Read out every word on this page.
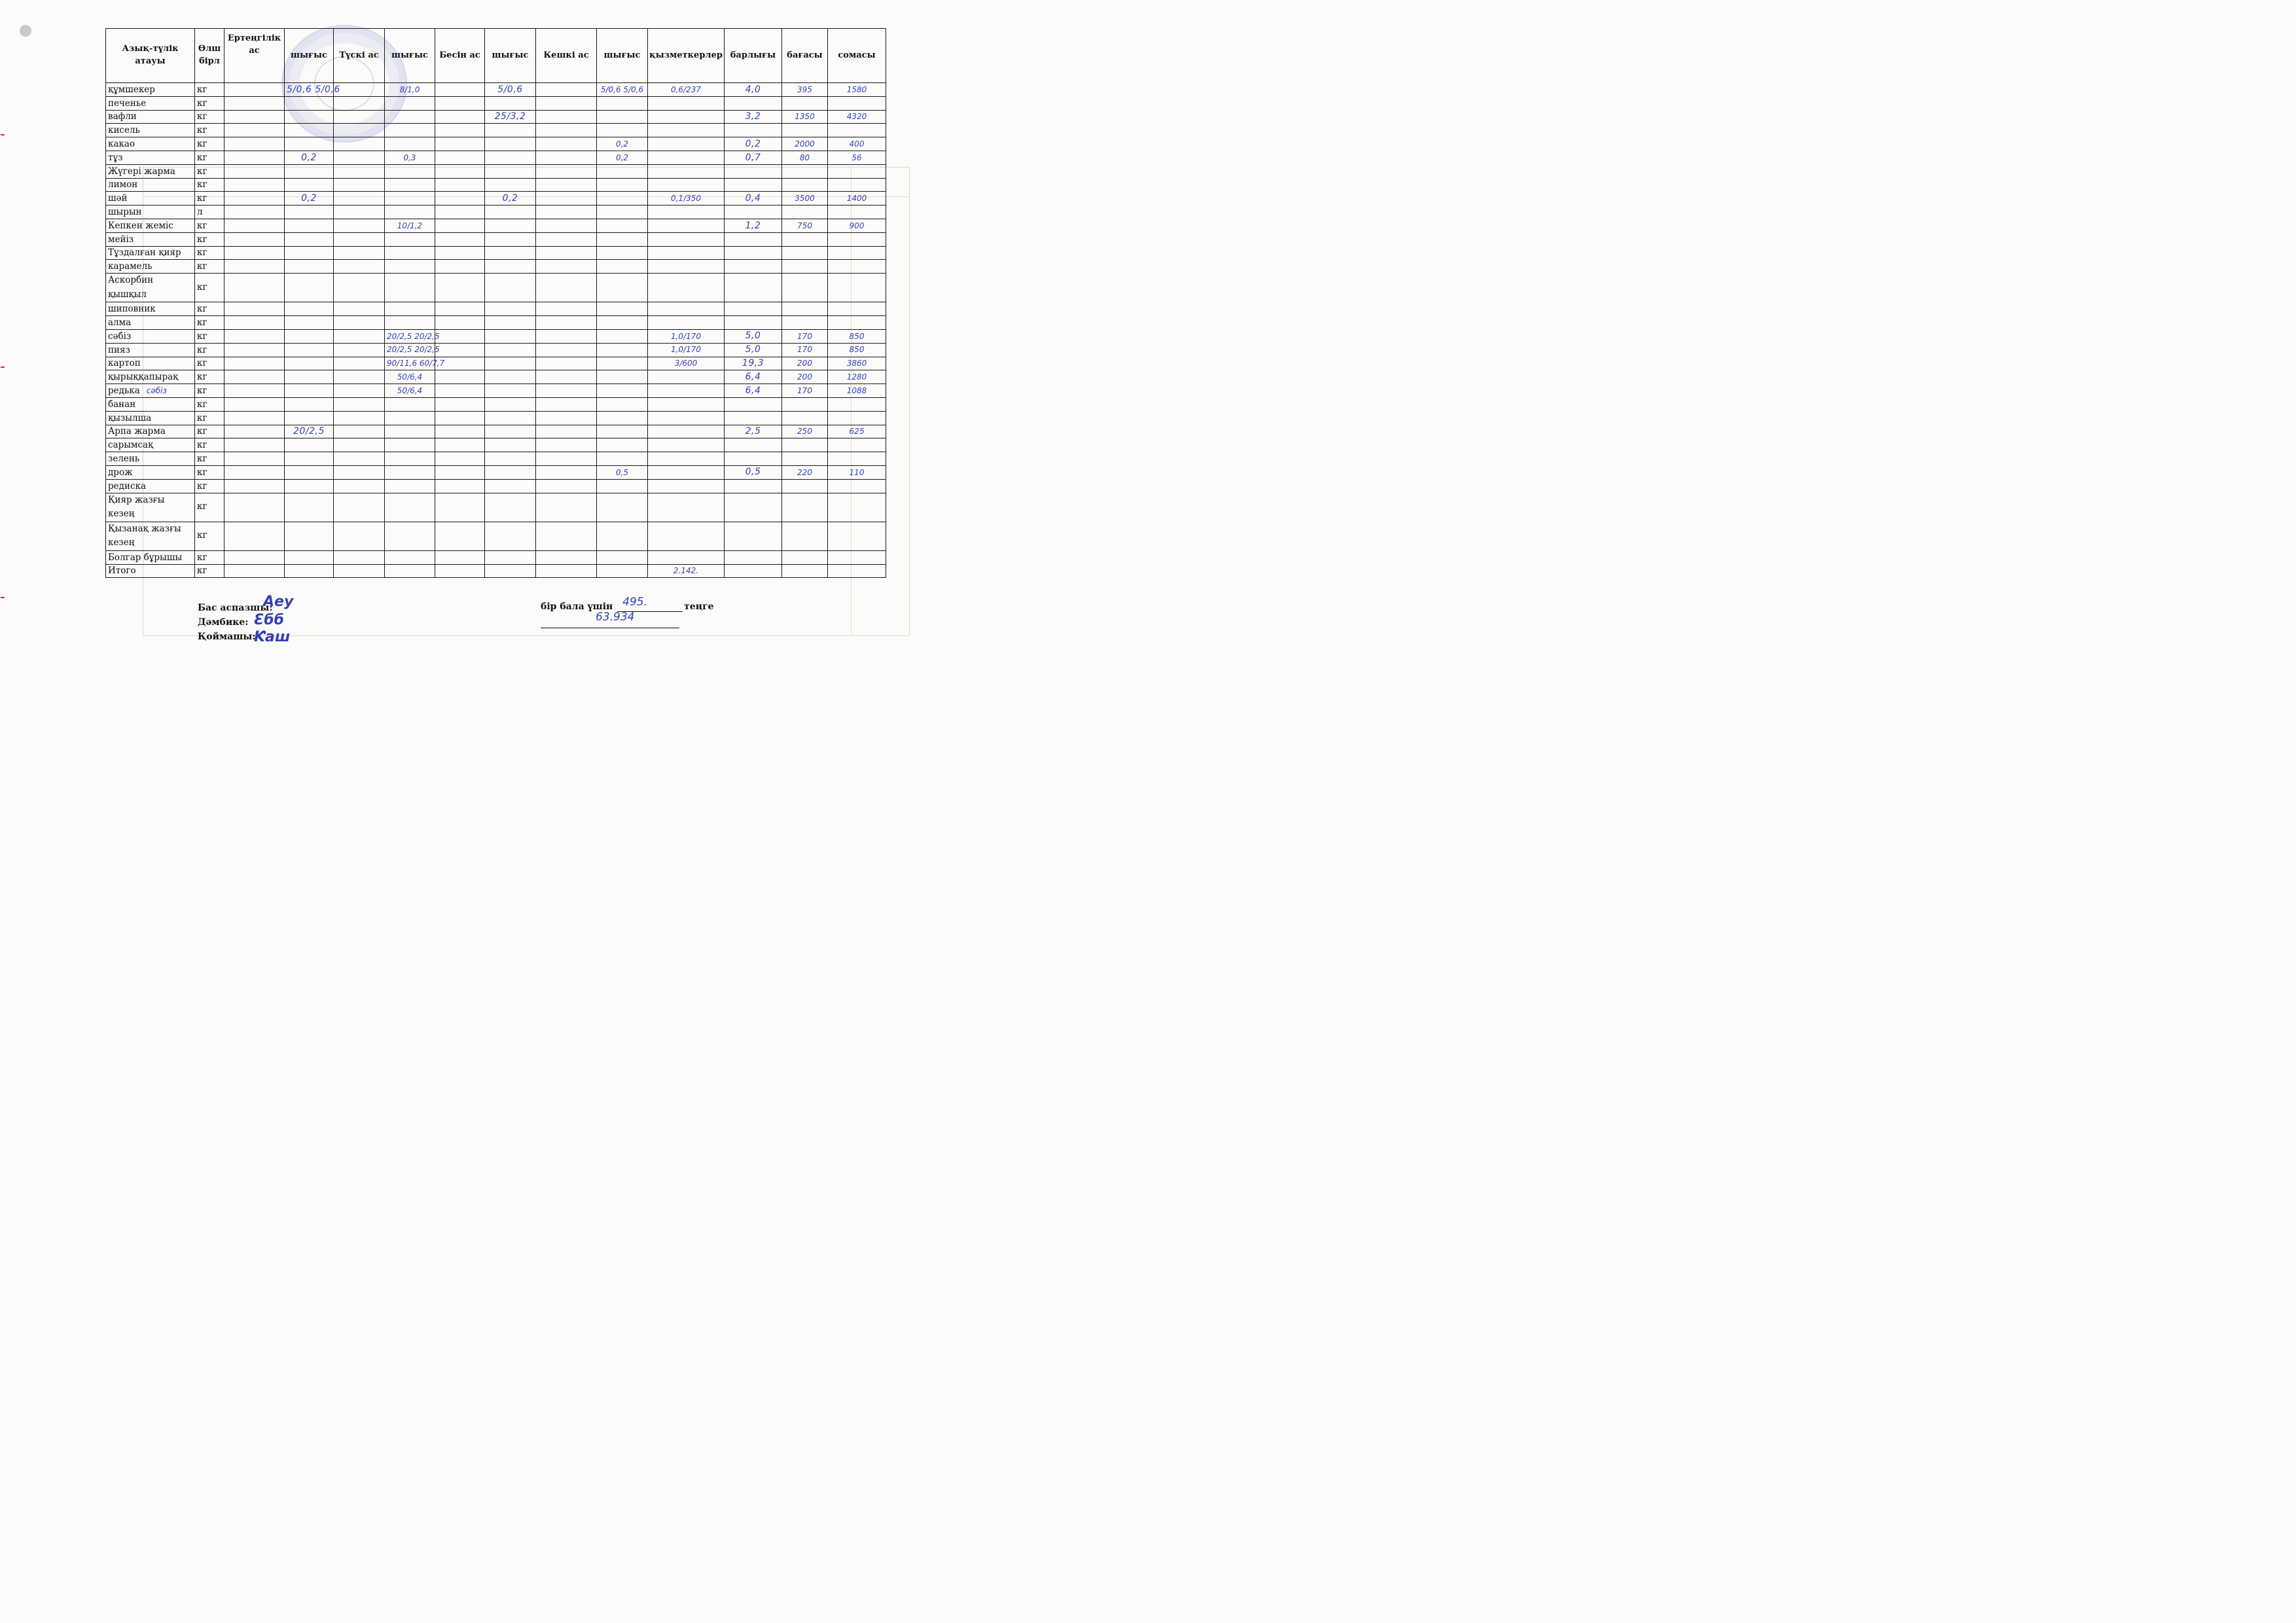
Азық-түлік атауы	Өлш бірл	Ертеңгілік ас	шығыс	Түскі ас	шығыс	Бесін ас	шығыс	Кешкі ас	шығыс	қызметкерлер	барлығы	бағасы	сомасы
құмшекер	кг		5/0,6 5/0,6		8/1,0		5/0,6		5/0,6 5/0,6	0,6/237	4,0	395	1580
печенье	кг												
вафли	кг						25/3,2				3,2	1350	4320
кисель	кг												
какао	кг								0,2		0,2	2000	400
тұз	кг		0,2		0,3				0,2		0,7	80	56
Жүгері жарма	кг												
лимон	кг												
шәй	кг		0,2				0,2			0,1/350	0,4	3500	1400
шырын	л												
Кепкен жеміс	кг				10/1,2						1,2	750	900
мейіз	кг												
Тұздалған қияр	кг												
карамель	кг												
Аскорбин қышқыл	кг												
шиповник	кг												
алма	кг												
сәбіз	кг				20/2,5 20/2,5					1,0/170	5,0	170	850
пияз	кг				20/2,5 20/2,5					1,0/170	5,0	170	850
картоп	кг				90/11,6 60/7,7					3/600	19,3	200	3860
қырыққапырақ	кг				50/6,4						6,4	200	1280
редька сәбіз	кг				50/6,4						6,4	170	1088
банан	кг												
қызылша	кг												
Арпа жарма	кг		20/2,5								2,5	250	625
сарымсақ	кг												
зелень	кг												
дрож	кг								0,5		0,5	220	110
редиска	кг												
Қияр жазғы кезең	кг												
Қызанақ жазғы кезең	кг												
Болгар бұрышы	кг												
Итого	кг									2.142.			
Бас аспазшы:
Aey
Дәмбике: Ɛбб
Қоймашы:
Ƙаш
бір бала үшін 495.	теңге
63.934
